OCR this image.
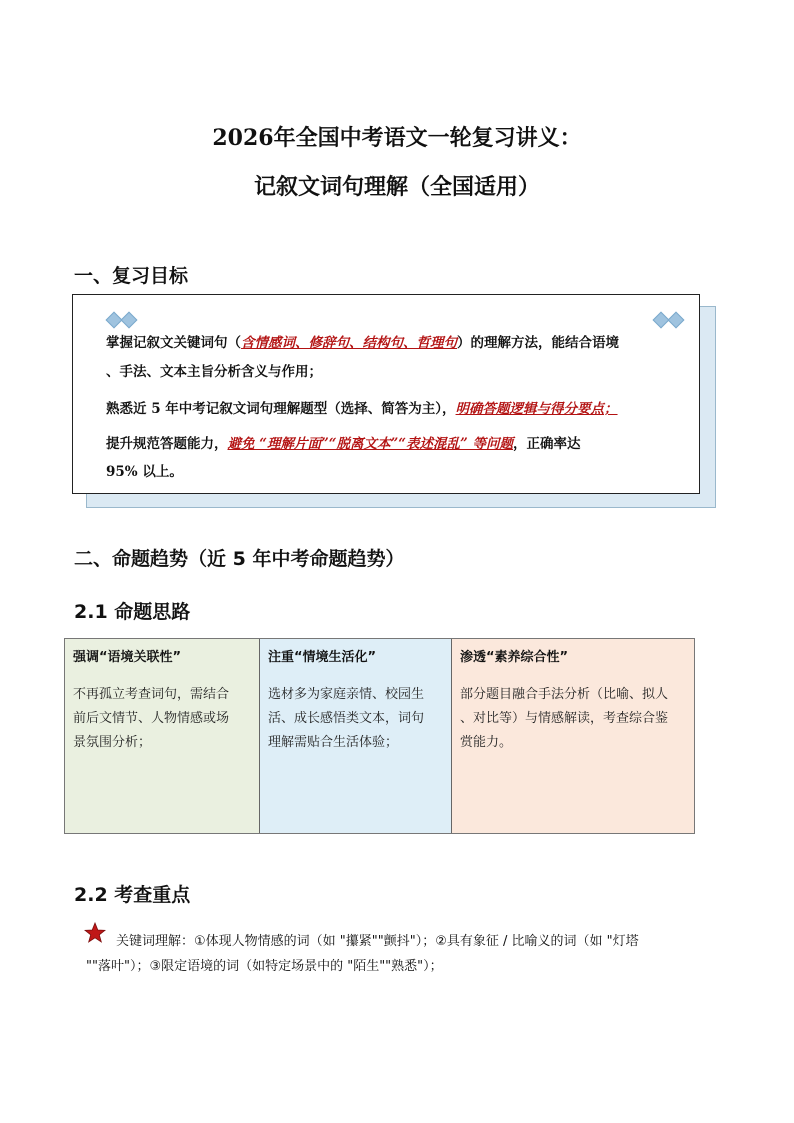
2026年全国中考语文一轮复习讲义：
记叙文词句理解（全国适用）
一、复习目标
掌握记叙文关键词句（含情感词、修辞句、结构句、哲理句）的理解方法，能结合语境
、手法、文本主旨分析含义与作用；
熟悉近 5 年中考记叙文词句理解题型（选择、简答为主），明确答题逻辑与得分要点；
提升规范答题能力，避免 “理解片面”“脱离文本”“表述混乱” 等问题，正确率达
95% 以上。
二、命题趋势（近 5 年中考命题趋势）
2.1 命题思路
强调“语境关联性”
不再孤立考查词句，需结合
前后文情节、人物情感或场
景氛围分析；
注重“情境生活化”
选材多为家庭亲情、校园生
活、成长感悟类文本，词句
理解需贴合生活体验；
渗透“素养综合性”
部分题目融合手法分析（比喻、拟人
、对比等）与情感解读，考查综合鉴
赏能力。
2.2 考查重点
关键词理解：①体现人物情感的词（如 "攥紧""颤抖"）；②具有象征 / 比喻义的词（如 "灯塔
""落叶"）；③限定语境的词（如特定场景中的 "陌生""熟悉"）；
